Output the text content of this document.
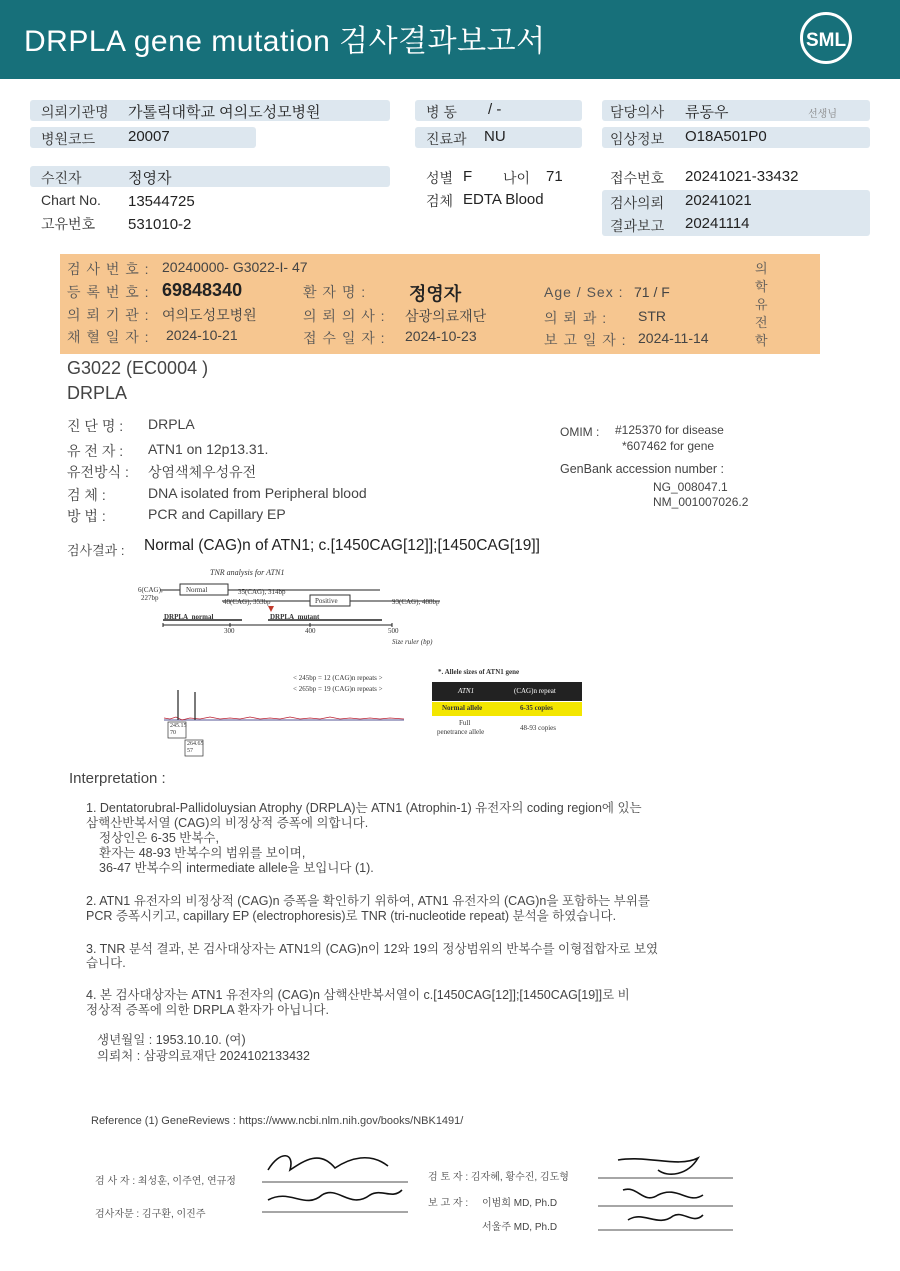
DRPLA gene mutation 검사결과보고서	SML
의뢰기관명 가톨릭대학교 여의도성모병원
병원코드 20007
병 동 / -
진료과 NU
담당의사 류동우	선생님
임상정보 O18A501P0
수진자	정영자
Chart No. 13544725
고유번호 531010-2
성별 F 나이 71
검체 EDTA Blood
접수번호 20241021-33432
검사의뢰 20241021
결과보고 20241114
검 사 번 호 : 20240000- G3022-I- 47
등 록 번 호 : 69848340	환 자 명 : 정영자	Age / Sex : 71 / F
의 뢰 기 관 : 여의도성모병원	의 뢰 의 사 : 삼광의료재단	의 뢰 과 : STR
채 혈 일 자 : 2024-10-21	접 수 일 자 : 2024-10-23	보 고 일 자 : 2024-11-14
의
학
유
전
학
G3022 (EC0004 )
DRPLA
진 단 명 : DRPLA
유 전 자 : ATN1 on 12p13.31.
유전방식 : 상염색체우성유전
검 체 :	DNA isolated from Peripheral blood
방 법 :	PCR and Capillary EP
OMIM : #125370 for disease
*607462 for gene
GenBank accession number :
NG_008047.1
NM_001007026.2
검사결과 : Normal (CAG)n of ATN1; c.[1450CAG[12]];[1450CAG[19]]
TNR analysis for ATN1
6(CAG),
227bp
Normal	35(CAG), 314bp
48(CAG), 353bp	Positive	93(CAG), 488bp
DRPLA_normal	DRPLA_mutant
300	400	500
Size ruler (bp)
245.15
70
264.65
57
< 245bp = 12 (CAG)n repeats >
< 265bp = 19 (CAG)n repeats >
*. Allele sizes of ATN1 gene
ATN1	(CAG)n repeat
Normal allele	6-35 copies
Full
penetrance allele	48-93 copies
Interpretation :
1. Dentatorubral-Pallidoluysian Atrophy (DRPLA)는 ATN1 (Atrophin-1) 유전자의 coding region에 있는
삼핵산반복서열 (CAG)의 비정상적 증폭에 의합니다.
정상인은 6-35 반복수,
환자는 48-93 반복수의 범위를 보이며,
36-47 반복수의 intermediate allele을 보입니다 (1).
2. ATN1 유전자의 비정상적 (CAG)n 증폭을 확인하기 위하여, ATN1 유전자의 (CAG)n을 포함하는 부위를
PCR 증폭시키고, capillary EP (electrophoresis)로 TNR (tri-nucleotide repeat) 분석을 하였습니다.
3. TNR 분석 결과, 본 검사대상자는 ATN1의 (CAG)n이 12와 19의 정상범위의 반복수를 이형접합자로 보였
습니다.
4. 본 검사대상자는 ATN1 유전자의 (CAG)n 삼핵산반복서열이 c.[1450CAG[12]];[1450CAG[19]]로 비
정상적 증폭에 의한 DRPLA 환자가 아닙니다.
생년월일 : 1953.10.10. (여)
의뢰처 : 삼광의료재단 2024102133432
Reference (1) GeneReviews : https://www.ncbi.nlm.nih.gov/books/NBK1491/
검 사 자 : 최성훈, 이주연, 연규정
검사자문 : 김구환, 이진주
검 토 자 : 김자혜, 황수진, 김도형
보 고 자 : 이범희 MD, Ph.D
서울주 MD, Ph.D
